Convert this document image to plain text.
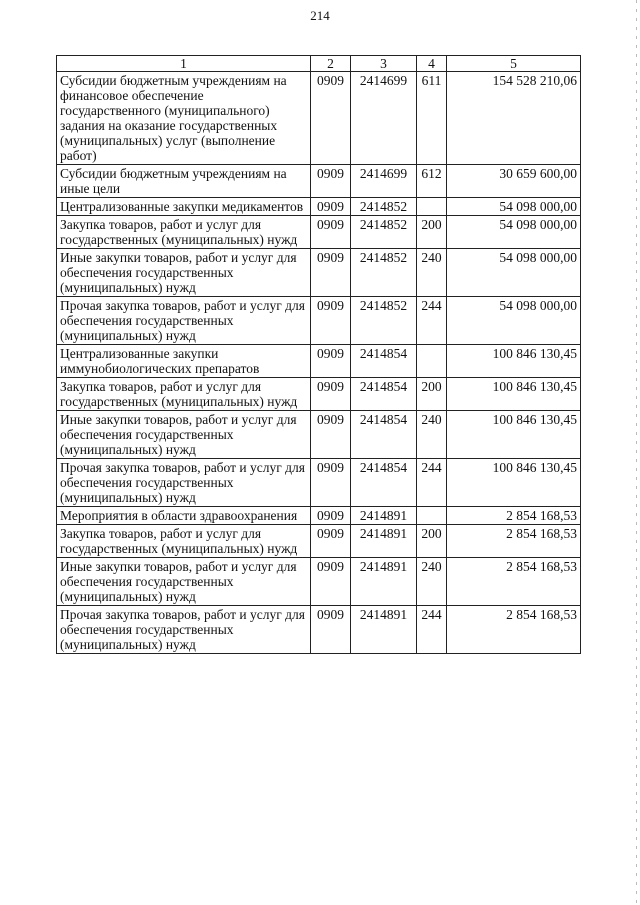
214
1	2	3	4	5
Субсидии бюджетным учреждениям на финансовое обеспечение государственного (муниципального) задания на оказание государственных (муниципальных) услуг (выполнение работ)	0909	2414699	611	154 528 210,06
Субсидии бюджетным учреждениям на иные цели	0909	2414699	612	30 659 600,00
Централизованные закупки медикаментов	0909	2414852		54 098 000,00
Закупка товаров, работ и услуг для государственных (муниципальных) нужд	0909	2414852	200	54 098 000,00
Иные закупки товаров, работ и услуг для обеспечения государственных (муниципальных) нужд	0909	2414852	240	54 098 000,00
Прочая закупка товаров, работ и услуг для обеспечения государственных (муниципальных) нужд	0909	2414852	244	54 098 000,00
Централизованные закупки иммунобиологических препаратов	0909	2414854		100 846 130,45
Закупка товаров, работ и услуг для государственных (муниципальных) нужд	0909	2414854	200	100 846 130,45
Иные закупки товаров, работ и услуг для обеспечения государственных (муниципальных) нужд	0909	2414854	240	100 846 130,45
Прочая закупка товаров, работ и услуг для обеспечения государственных (муниципальных) нужд	0909	2414854	244	100 846 130,45
Мероприятия в области здравоохранения	0909	2414891		2 854 168,53
Закупка товаров, работ и услуг для государственных (муниципальных) нужд	0909	2414891	200	2 854 168,53
Иные закупки товаров, работ и услуг для обеспечения государственных (муниципальных) нужд	0909	2414891	240	2 854 168,53
Прочая закупка товаров, работ и услуг для обеспечения государственных (муниципальных) нужд	0909	2414891	244	2 854 168,53
